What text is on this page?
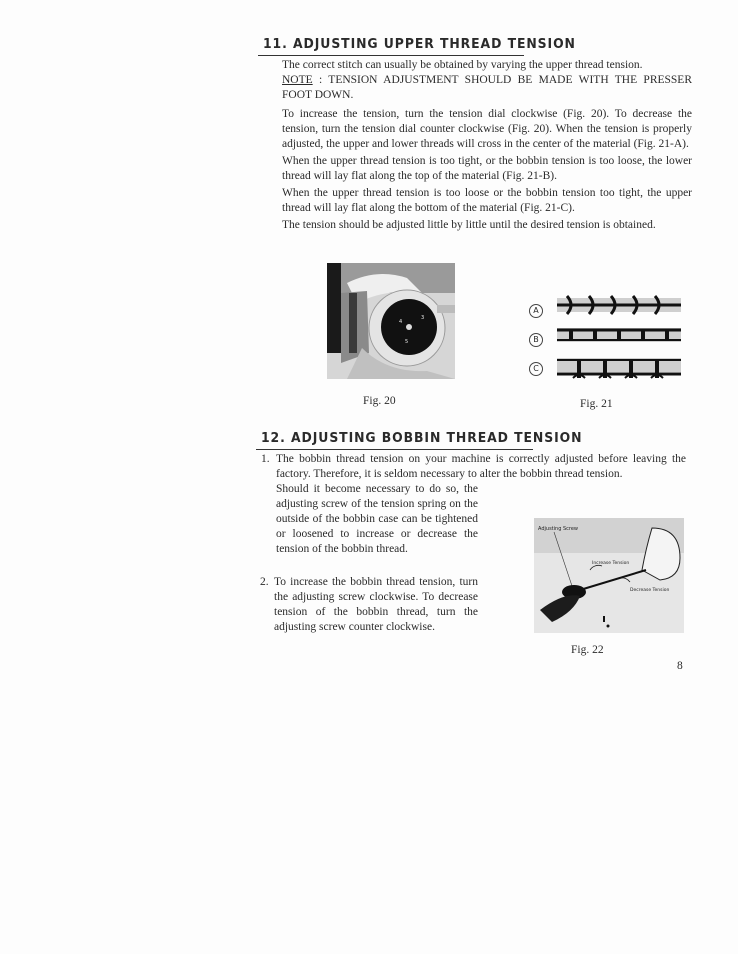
11. ADJUSTING UPPER THREAD TENSION

The correct stitch can usually be obtained by varying the upper thread tension.
NOTE : TENSION ADJUSTMENT SHOULD BE MADE WITH THE PRESSER FOOT DOWN.

To increase the tension, turn the tension dial clockwise (Fig. 20). To decrease the tension, turn the tension dial counter clockwise (Fig. 20). When the tension is properly adjusted, the upper and lower threads will cross in the center of the material (Fig. 21-A).

When the upper thread tension is too tight, or the bobbin tension is too loose, the lower thread will lay flat along the top of the material (Fig. 21-B).

When the upper thread tension is too loose or the bobbin tension too tight, the upper thread will lay flat along the bottom of the material (Fig. 21-C).

The tension should be adjusted little by little until the desired tension is obtained.

4
5
3
Fig. 20
A
B
C
Fig. 21
12. ADJUSTING BOBBIN THREAD TENSION
1. The bobbin thread tension on your machine is correctly adjusted before leaving the factory. Therefore, it is seldom necessary to alter the bobbin thread tension.
Should it become necessary to do so, the adjusting screw of the tension spring on the outside of the bobbin case can be tightened or loosened to increase or decrease the tension of the bobbin thread.
2. To increase the bobbin thread tension, turn the adjusting screw clockwise. To decrease tension of the bobbin thread, turn the adjusting screw counter clockwise.
Adjusting Screw
Increase Tension
Decrease Tension
Fig. 22
8
